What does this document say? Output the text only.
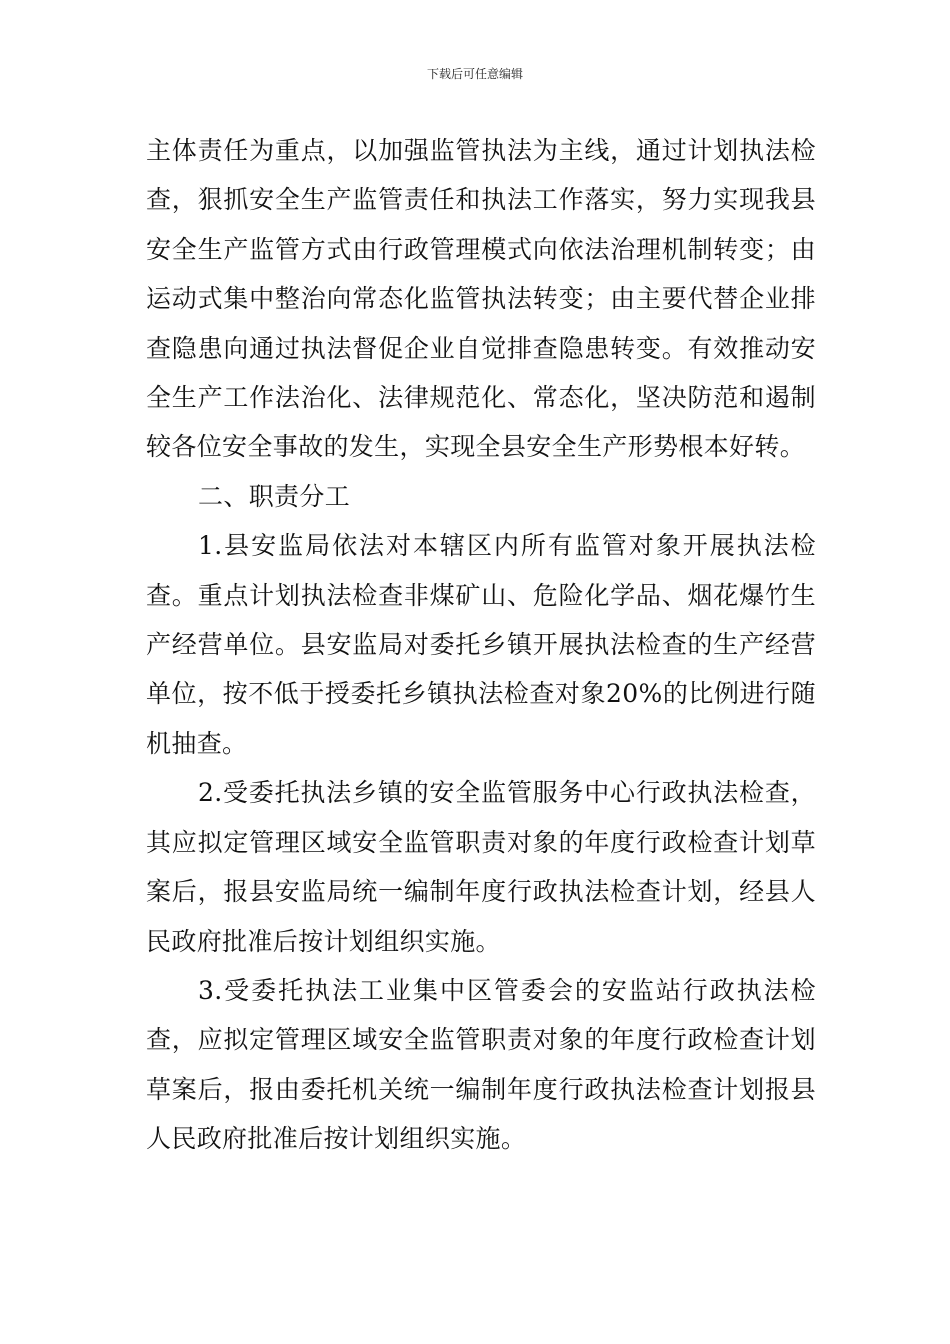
下载后可任意编辑

主体责任为重点，以加强监管执法为主线，通过计划执法检查，狠抓安全生产监管责任和执法工作落实，努力实现我县安全生产监管方式由行政管理模式向依法治理机制转变；由运动式集中整治向常态化监管执法转变；由主要代替企业排查隐患向通过执法督促企业自觉排查隐患转变。有效推动安全生产工作法治化、法律规范化、常态化，坚决防范和遏制较各位安全事故的发生，实现全县安全生产形势根本好转。

二、职责分工

1.县安监局依法对本辖区内所有监管对象开展执法检查。重点计划执法检查非煤矿山、危险化学品、烟花爆竹生产经营单位。县安监局对委托乡镇开展执法检查的生产经营单位，按不低于授委托乡镇执法检查对象20%的比例进行随机抽查。

2.受委托执法乡镇的安全监管服务中心行政执法检查，其应拟定管理区域安全监管职责对象的年度行政检查计划草案后，报县安监局统一编制年度行政执法检查计划，经县人民政府批准后按计划组织实施。

3.受委托执法工业集中区管委会的安监站行政执法检查，应拟定管理区域安全监管职责对象的年度行政检查计划草案后，报由委托机关统一编制年度行政执法检查计划报县人民政府批准后按计划组织实施。
